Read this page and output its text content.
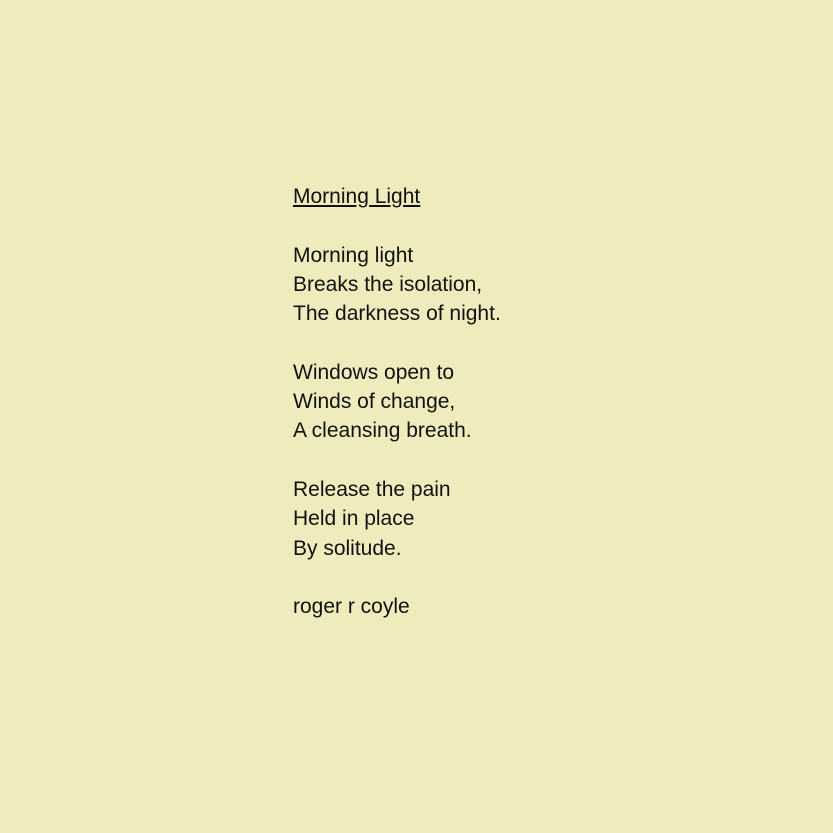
Morning Light
Morning light
Breaks the isolation,
The darkness of night.
Windows open to
Winds of change,
A cleansing breath.
Release the pain
Held in place
By solitude.
roger r coyle
